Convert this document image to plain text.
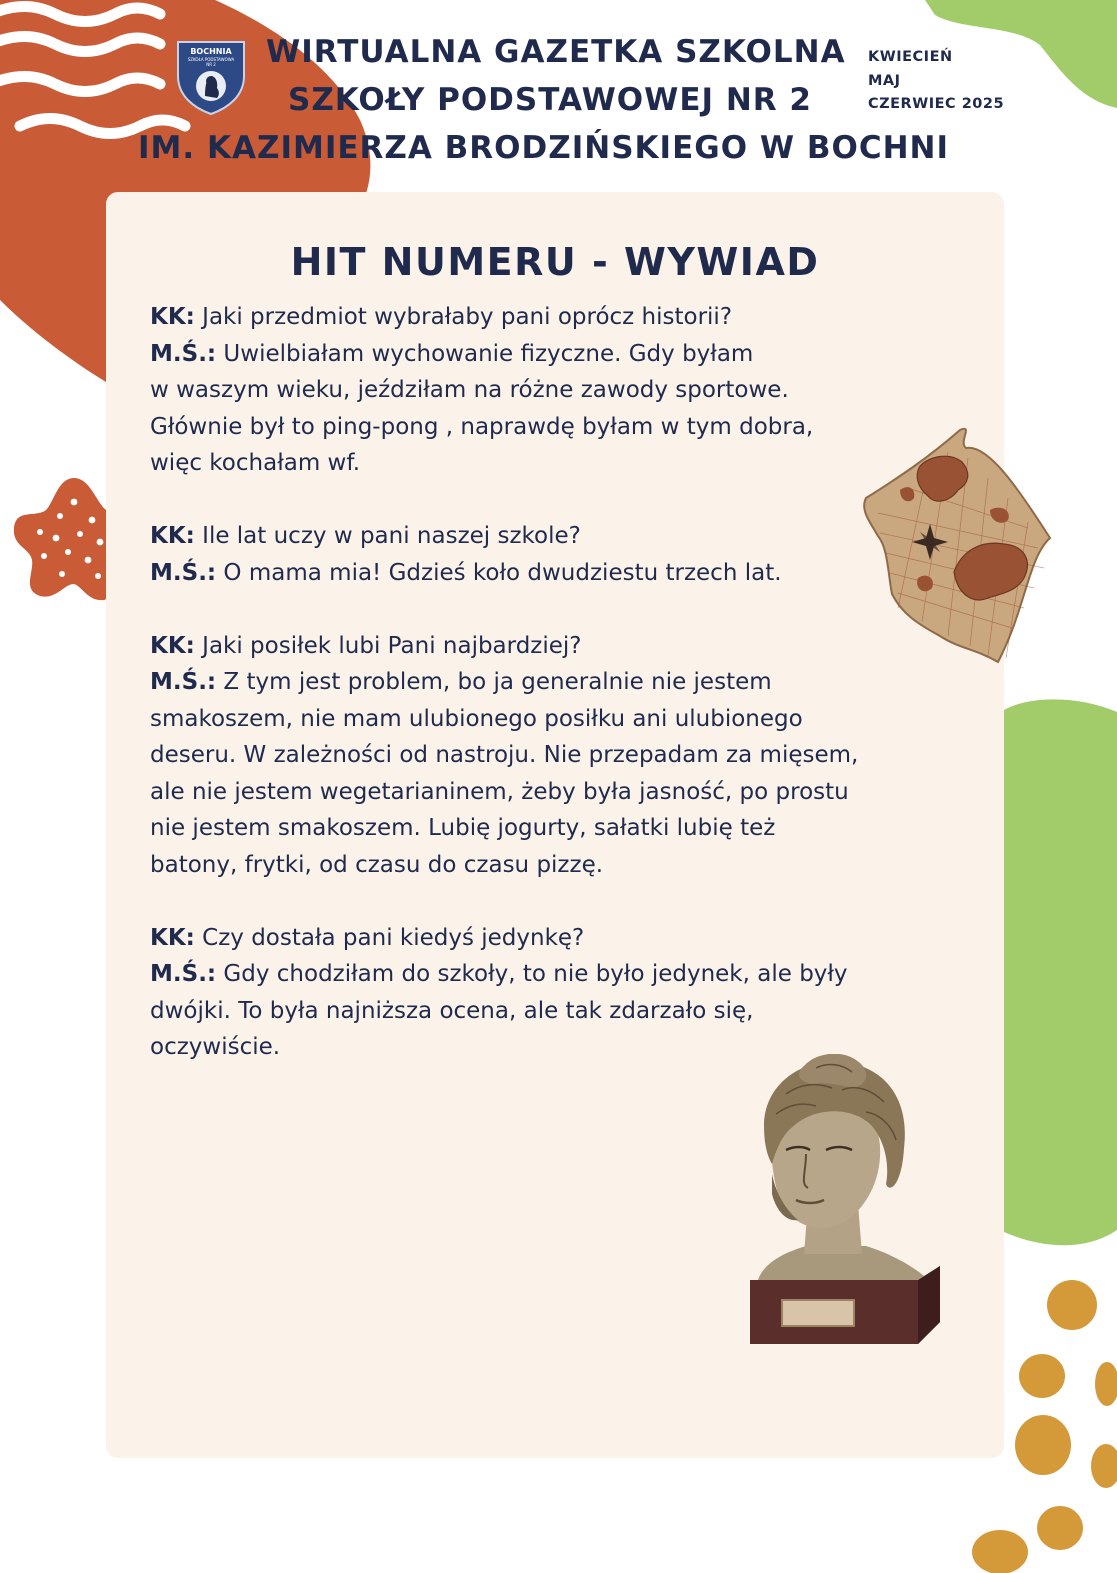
BOCHNIA
SZKOŁA PODSTAWOWA
NR 2 WIRTUALNA GAZETKA SZKOLNA
SZKOŁY PODSTAWOWEJ NR 2
IM. KAZIMIERZA BRODZIŃSKIEGO W BOCHNI
KWIECIEŃ
MAJ
CZERWIEC 2025
HIT NUMERU - WYWIAD
KK: Jaki przedmiot wybrałaby pani oprócz historii?
M.Ś.: Uwielbiałam wychowanie fizyczne. Gdy byłam
w waszym wieku, jeździłam na różne zawody sportowe.
Głównie był to ping-pong , naprawdę byłam w tym dobra,
więc kochałam wf.
KK: Ile lat uczy w pani naszej szkole?
M.Ś.: O mama mia! Gdzieś koło dwudziestu trzech lat.
KK: Jaki posiłek lubi Pani najbardziej?
M.Ś.: Z tym jest problem, bo ja generalnie nie jestem
smakoszem, nie mam ulubionego posiłku ani ulubionego
deseru. W zależności od nastroju. Nie przepadam za mięsem,
ale nie jestem wegetarianinem, żeby była jasność, po prostu
nie jestem smakoszem. Lubię jogurty, sałatki lubię też
batony, frytki, od czasu do czasu pizzę.
KK: Czy dostała pani kiedyś jedynkę?
M.Ś.: Gdy chodziłam do szkoły, to nie było jedynek, ale były
dwójki. To była najniższa ocena, ale tak zdarzało się,
oczywiście.
